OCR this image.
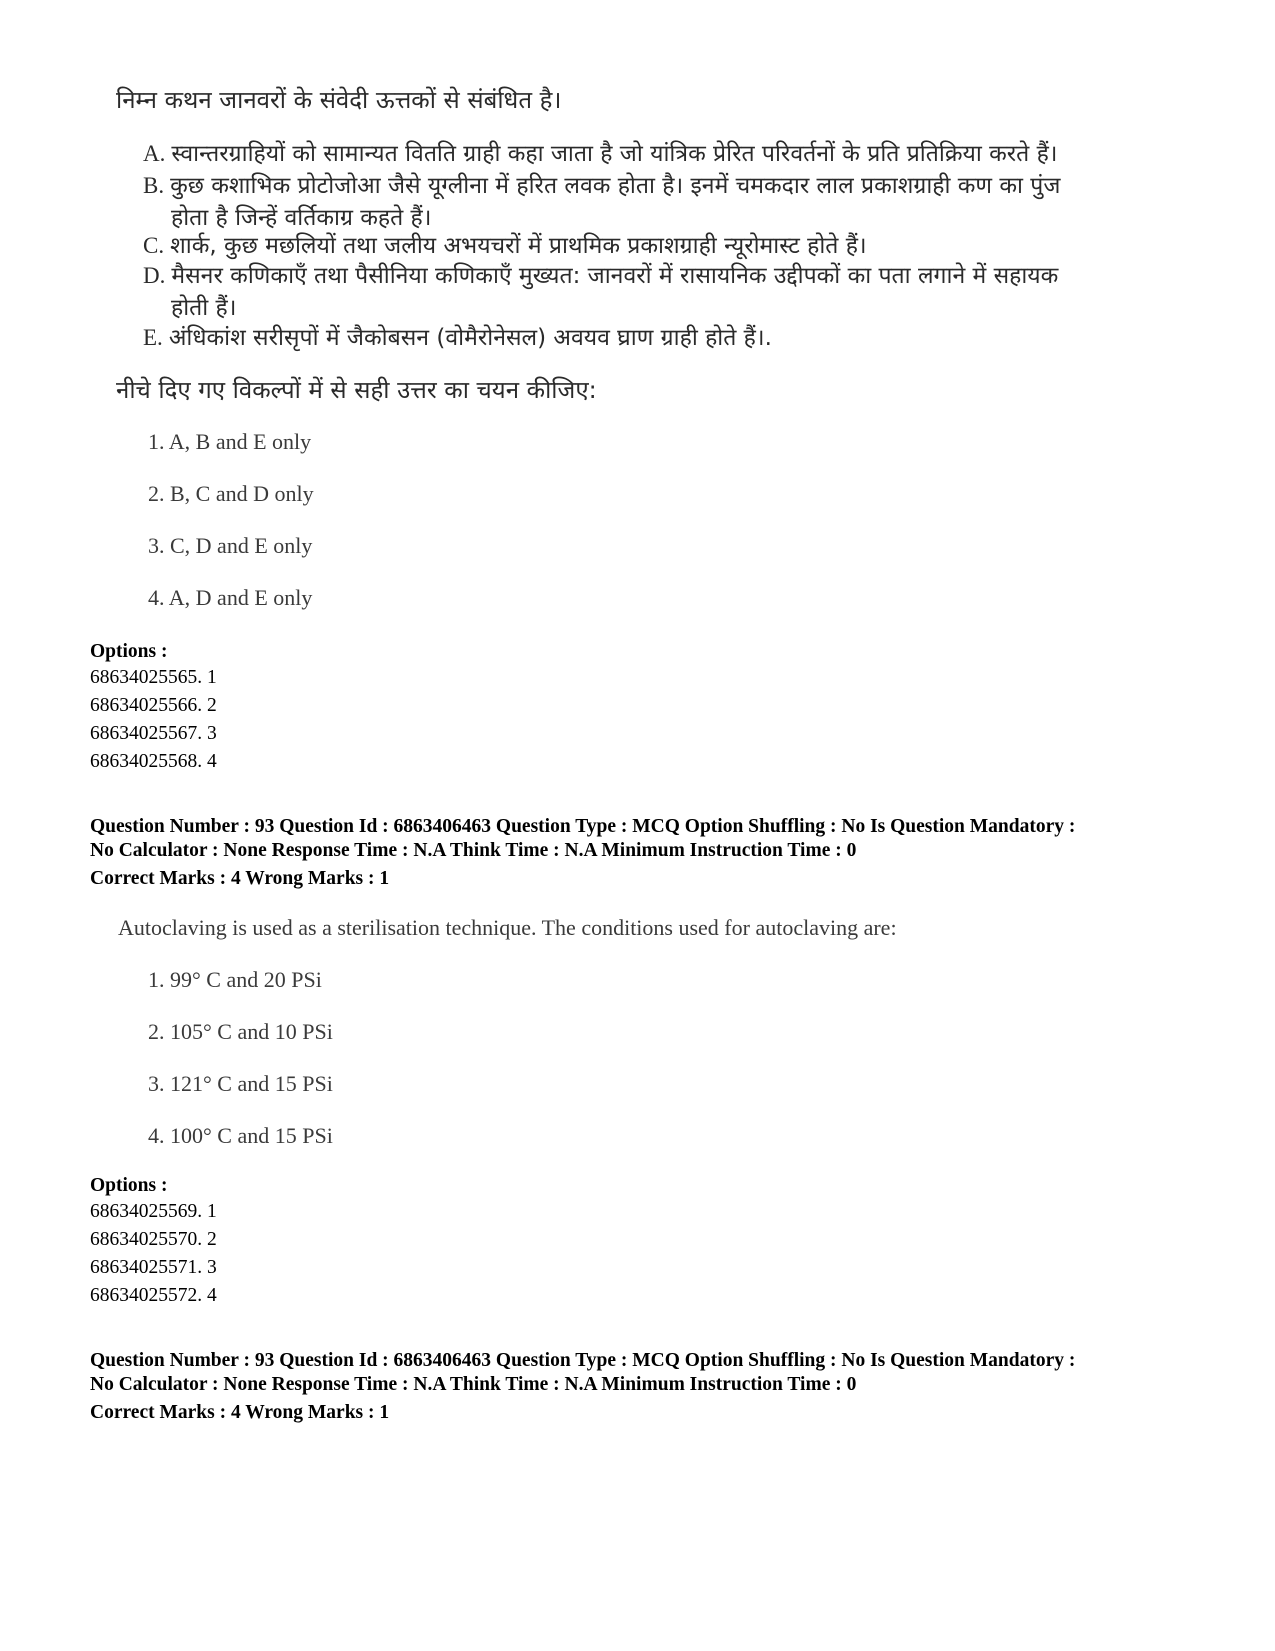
निम्न कथन जानवरों के संवेदी ऊत्तकों से संबंधित है।
A. स्वान्तरग्राहियों को सामान्यत वितति ग्राही कहा जाता है जो यांत्रिक प्रेरित परिवर्तनों के प्रति प्रतिक्रिया करते हैं।
B. कुछ कशाभिक प्रोटोजोआ जैसे यूग्लीना में हरित लवक होता है। इनमें चमकदार लाल प्रकाशग्राही कण का पुंज
होता है जिन्हें वर्तिकाग्र कहते हैं।
C. शार्क, कुछ मछलियों तथा जलीय अभयचरों में प्राथमिक प्रकाशग्राही न्यूरोमास्ट होते हैं।
D. मैसनर कणिकाएँ तथा पैसीनिया कणिकाएँ मुख्यत: जानवरों में रासायनिक उद्दीपकों का पता लगाने में सहायक
होती हैं।
E. अंधिकांश सरीसृपों में जैकोबसन (वोमैरोनेसल) अवयव घ्राण ग्राही होते हैं।.
नीचे दिए गए विकल्पों में से सही उत्तर का चयन कीजिए:
1. A, B and E only
2. B, C and D only
3. C, D and E only
4. A, D and E only
Options :
68634025565. 1
68634025566. 2
68634025567. 3
68634025568. 4
Question Number : 93 Question Id : 6863406463 Question Type : MCQ Option Shuffling : No Is Question Mandatory :
No Calculator : None Response Time : N.A Think Time : N.A Minimum Instruction Time : 0
Correct Marks : 4 Wrong Marks : 1
Autoclaving is used as a sterilisation technique. The conditions used for autoclaving are:
1. 99° C and 20 PSi
2. 105° C and 10 PSi
3. 121° C and 15 PSi
4. 100° C and 15 PSi
Options :
68634025569. 1
68634025570. 2
68634025571. 3
68634025572. 4
Question Number : 93 Question Id : 6863406463 Question Type : MCQ Option Shuffling : No Is Question Mandatory :
No Calculator : None Response Time : N.A Think Time : N.A Minimum Instruction Time : 0
Correct Marks : 4 Wrong Marks : 1
